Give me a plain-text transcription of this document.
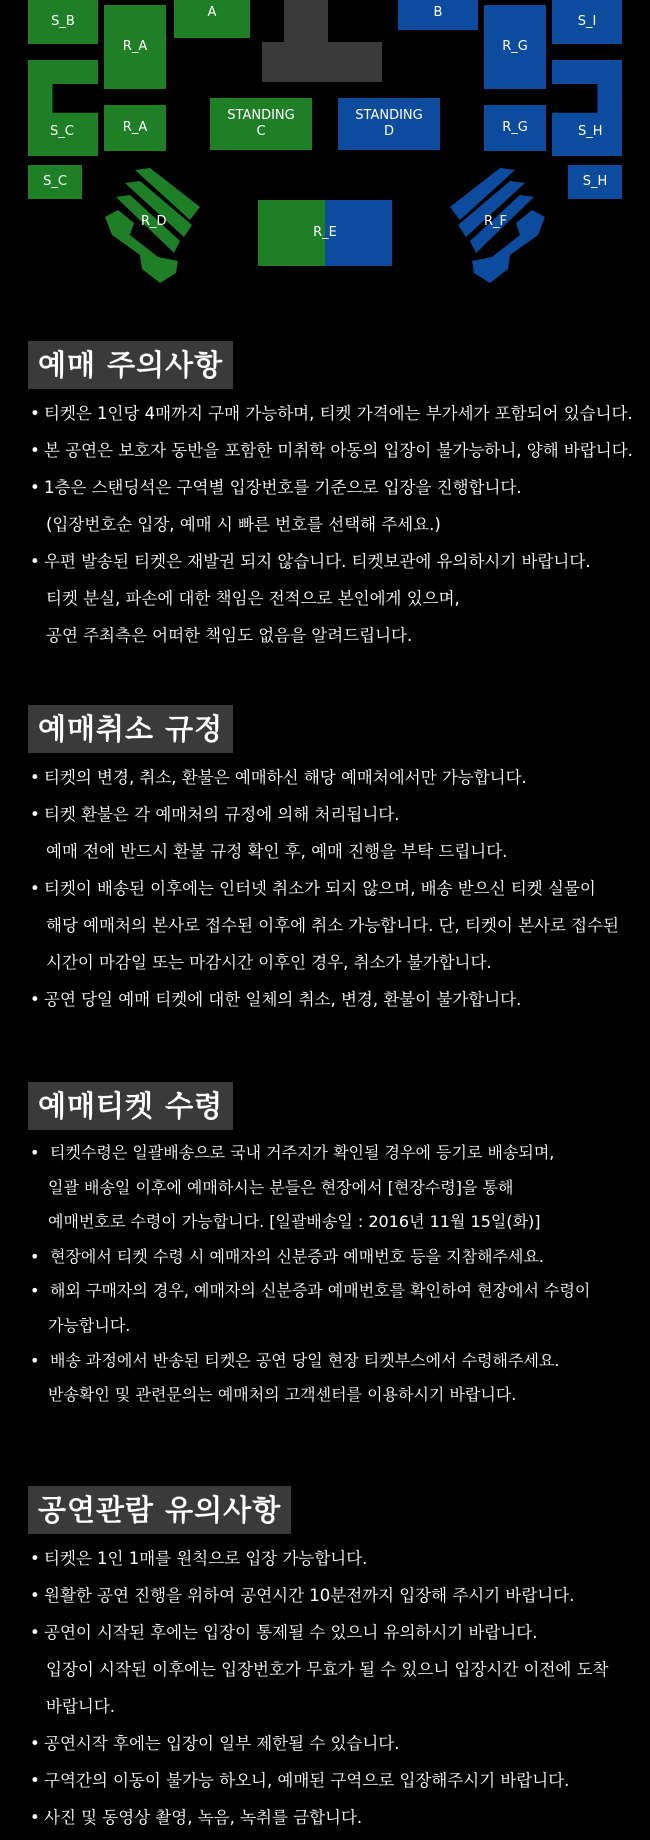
S_B
R_A
A	B
R_G
S_I
S_C	R_A
STANDING
C
STANDING
D	R_G	S_H
S_C	S_H
R_D
R_E
R_F
예매 주의사항
• 티켓은 1인당 4매까지 구매 가능하며, 티켓 가격에는 부가세가 포함되어 있습니다.
• 본 공연은 보호자 동반을 포함한 미취학 아동의 입장이 불가능하니, 양해 바랍니다.
• 1층은 스탠딩석은 구역별 입장번호를 기준으로 입장을 진행합니다.
(입장번호순 입장, 예매 시 빠른 번호를 선택해 주세요.)
• 우편 발송된 티켓은 재발권 되지 않습니다. 티켓보관에 유의하시기 바랍니다.
티켓 분실, 파손에 대한 책임은 전적으로 본인에게 있으며,
공연 주최측은 어떠한 책임도 없음을 알려드립니다.
예매취소 규정
• 티켓의 변경, 취소, 환불은 예매하신 해당 예매처에서만 가능합니다.
• 티켓 환불은 각 예매처의 규정에 의해 처리됩니다.
예매 전에 반드시 환불 규정 확인 후, 예매 진행을 부탁 드립니다.
• 티켓이 배송된 이후에는 인터넷 취소가 되지 않으며, 배송 받으신 티켓 실물이
해당 예매처의 본사로 접수된 이후에 취소 가능합니다. 단, 티켓이 본사로 접수된
시간이 마감일 또는 마감시간 이후인 경우, 취소가 불가합니다.
• 공연 당일 예매 티켓에 대한 일체의 취소, 변경, 환불이 불가합니다.
예매티켓 수령
• 티켓수령은 일괄배송으로 국내 거주지가 확인될 경우에 등기로 배송되며,
일괄 배송일 이후에 예매하시는 분들은 현장에서 [현장수령]을 통해
예매번호로 수령이 가능합니다. [일괄배송일 : 2016년 11월 15일(화)]
• 현장에서 티켓 수령 시 예매자의 신분증과 예매번호 등을 지참해주세요.
• 해외 구매자의 경우, 예매자의 신분증과 예매번호를 확인하여 현장에서 수령이
가능합니다.
• 배송 과정에서 반송된 티켓은 공연 당일 현장 티켓부스에서 수령해주세요.
반송확인 및 관련문의는 예매처의 고객센터를 이용하시기 바랍니다.
공연관람 유의사항
• 티켓은 1인 1매를 원칙으로 입장 가능합니다.
• 원활한 공연 진행을 위하여 공연시간 10분전까지 입장해 주시기 바랍니다.
• 공연이 시작된 후에는 입장이 통제될 수 있으니 유의하시기 바랍니다.
입장이 시작된 이후에는 입장번호가 무효가 될 수 있으니 입장시간 이전에 도착
바랍니다.
• 공연시작 후에는 입장이 일부 제한될 수 있습니다.
• 구역간의 이동이 불가능 하오니, 예매된 구역으로 입장해주시기 바랍니다.
• 사진 및 동영상 촬영, 녹음, 녹취를 금합니다.
